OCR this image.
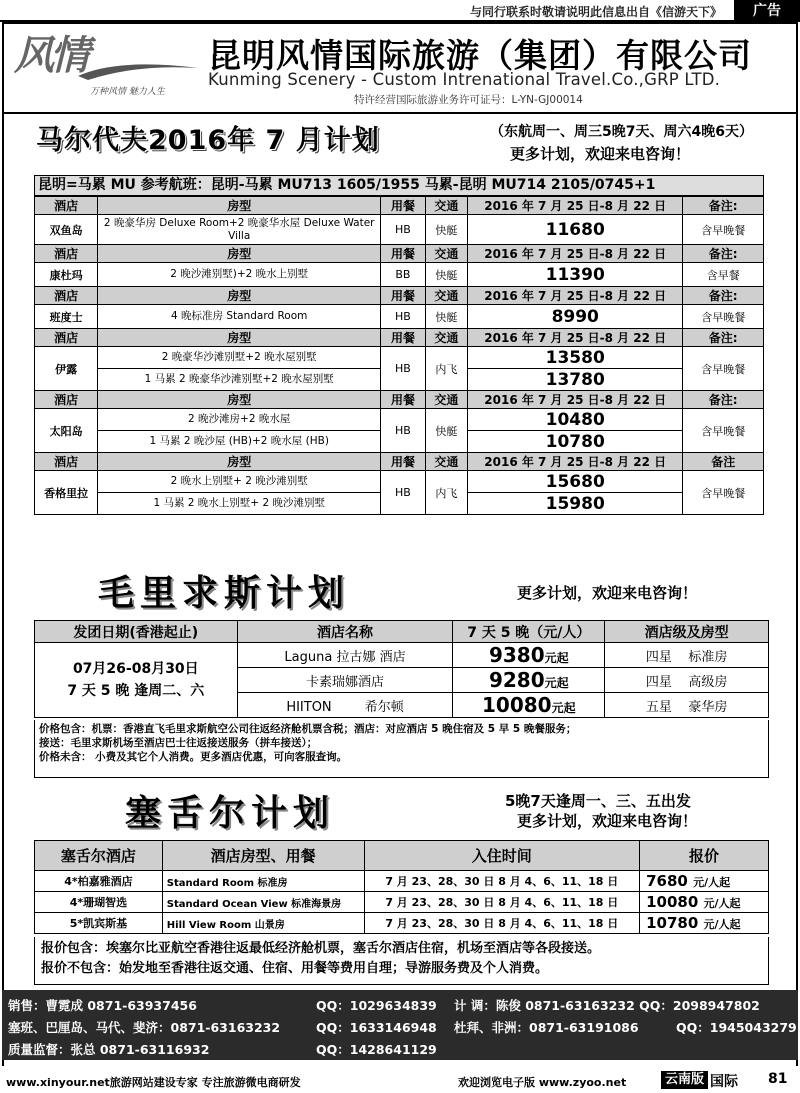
与同行联系时敬请说明此信息出自《信游天下》	广告
风情
万种风情 魅力人生
昆明风情国际旅游（集团）有限公司
Kunming Scenery - Custom Intrenational Travel.Co.,GRP LTD.
特许经营国际旅游业务许可证号：L-YN-GJ00014
马尔代夫2016年 7 月计划	（东航周一、周三5晚7天、周六4晚6天）
更多计划，欢迎来电咨询！
昆明=马累 MU 参考航班：昆明-马累 MU713 1605/1955 马累-昆明 MU714 2105/0745+1
酒店	房型	用餐	交通	2016 年 7 月 25 日-8 月 22 日	备注:
双鱼岛	2 晚豪华房 Deluxe Room+2 晚豪华水屋 Deluxe Water Villa	HB	快艇	11680	含早晚餐
酒店	房型	用餐	交通	2016 年 7 月 25 日-8 月 22 日	备注:
康杜玛	2 晚沙滩别墅)+2 晚水上别墅	BB	快艇	11390	含早餐
酒店	房型	用餐	交通	2016 年 7 月 25 日-8 月 22 日	备注:
班度士	4 晚标准房 Standard Room	HB	快艇	8990	含早晚餐
酒店	房型	用餐	交通	2016 年 7 月 25 日-8 月 22 日	备注:
伊露	2 晚豪华沙滩别墅+2 晚水屋别墅	HB	内飞	13580	含早晚餐
	1 马累 2 晚豪华沙滩别墅+2 晚水屋别墅			13780	
酒店	房型	用餐	交通	2016 年 7 月 25 日-8 月 22 日	备注:
太阳岛	2 晚沙滩房+2 晚水屋	HB	快艇	10480	含早晚餐
	1 马累 2 晚沙屋 (HB)+2 晚水屋 (HB)			10780	
酒店	房型	用餐	交通	2016 年 7 月 25 日-8 月 22 日	备注
香格里拉	2 晚水上别墅+ 2 晚沙滩别墅	HB	内飞	15680	含早晚餐
	1 马累 2 晚水上别墅+ 2 晚沙滩别墅			15980	
毛里求斯计划	更多计划，欢迎来电咨询！
发团日期(香港起止)	酒店名称	7 天 5 晚（元/人）	酒店级及房型

07月26-08月30日
7 天 5 晚 逢周二、六	Laguna 拉古娜 酒店	9380元起	四星 标准房
	卡素瑞娜酒店	9280元起	四星 高级房
	HIITON        希尔顿	10080元起	五星 豪华房
价格包含：机票：香港直飞毛里求斯航空公司往返经济舱机票含税；酒店：对应酒店 5 晚住宿及 5 早 5 晚餐服务；
接送：毛里求斯机场至酒店巴士往返接送服务（拼车接送）；
价格未含： 小费及其它个人消费。更多酒店优惠，可向客服查询。
塞舌尔计划	5晚7天逢周一、三、五出发
更多计划，欢迎来电咨询！
塞舌尔酒店	酒店房型、用餐	入住时间	报价
4*柏嘉雅酒店	Standard Room 标准房	7 月 23、28、30 日 8 月 4、6、11、18 日	7680 元/人起
4*珊瑚智选	Standard Ocean View 标准海景房	7 月 23、28、30 日 8 月 4、6、11、18 日	10080 元/人起
5*凯宾斯基	Hill View Room 山景房	7 月 23、28、30 日 8 月 4、6、11、18 日	10780 元/人起
报价包含：埃塞尔比亚航空香港往返最低经济舱机票，塞舌尔酒店住宿，机场至酒店等各段接送。
报价不包含：始发地至香港往返交通、住宿、用餐等费用自理；导游服务费及个人消费。
销售：曹霓成 0871-63937456	QQ：1029634839 计 调：陈俊 0871-63163232 QQ：2098947802
塞班、巴厘岛、马代、斐济：0871-63163232	QQ：1633146948 杜拜、非洲：0871-63191086	QQ：1945043279
质量监督：张总 0871-63116932	QQ：1428641129
www.xinyour.net旅游网站建设专家 专注旅游微电商研发	欢迎浏览电子版 www.zyoo.net	云南版 国际 81
